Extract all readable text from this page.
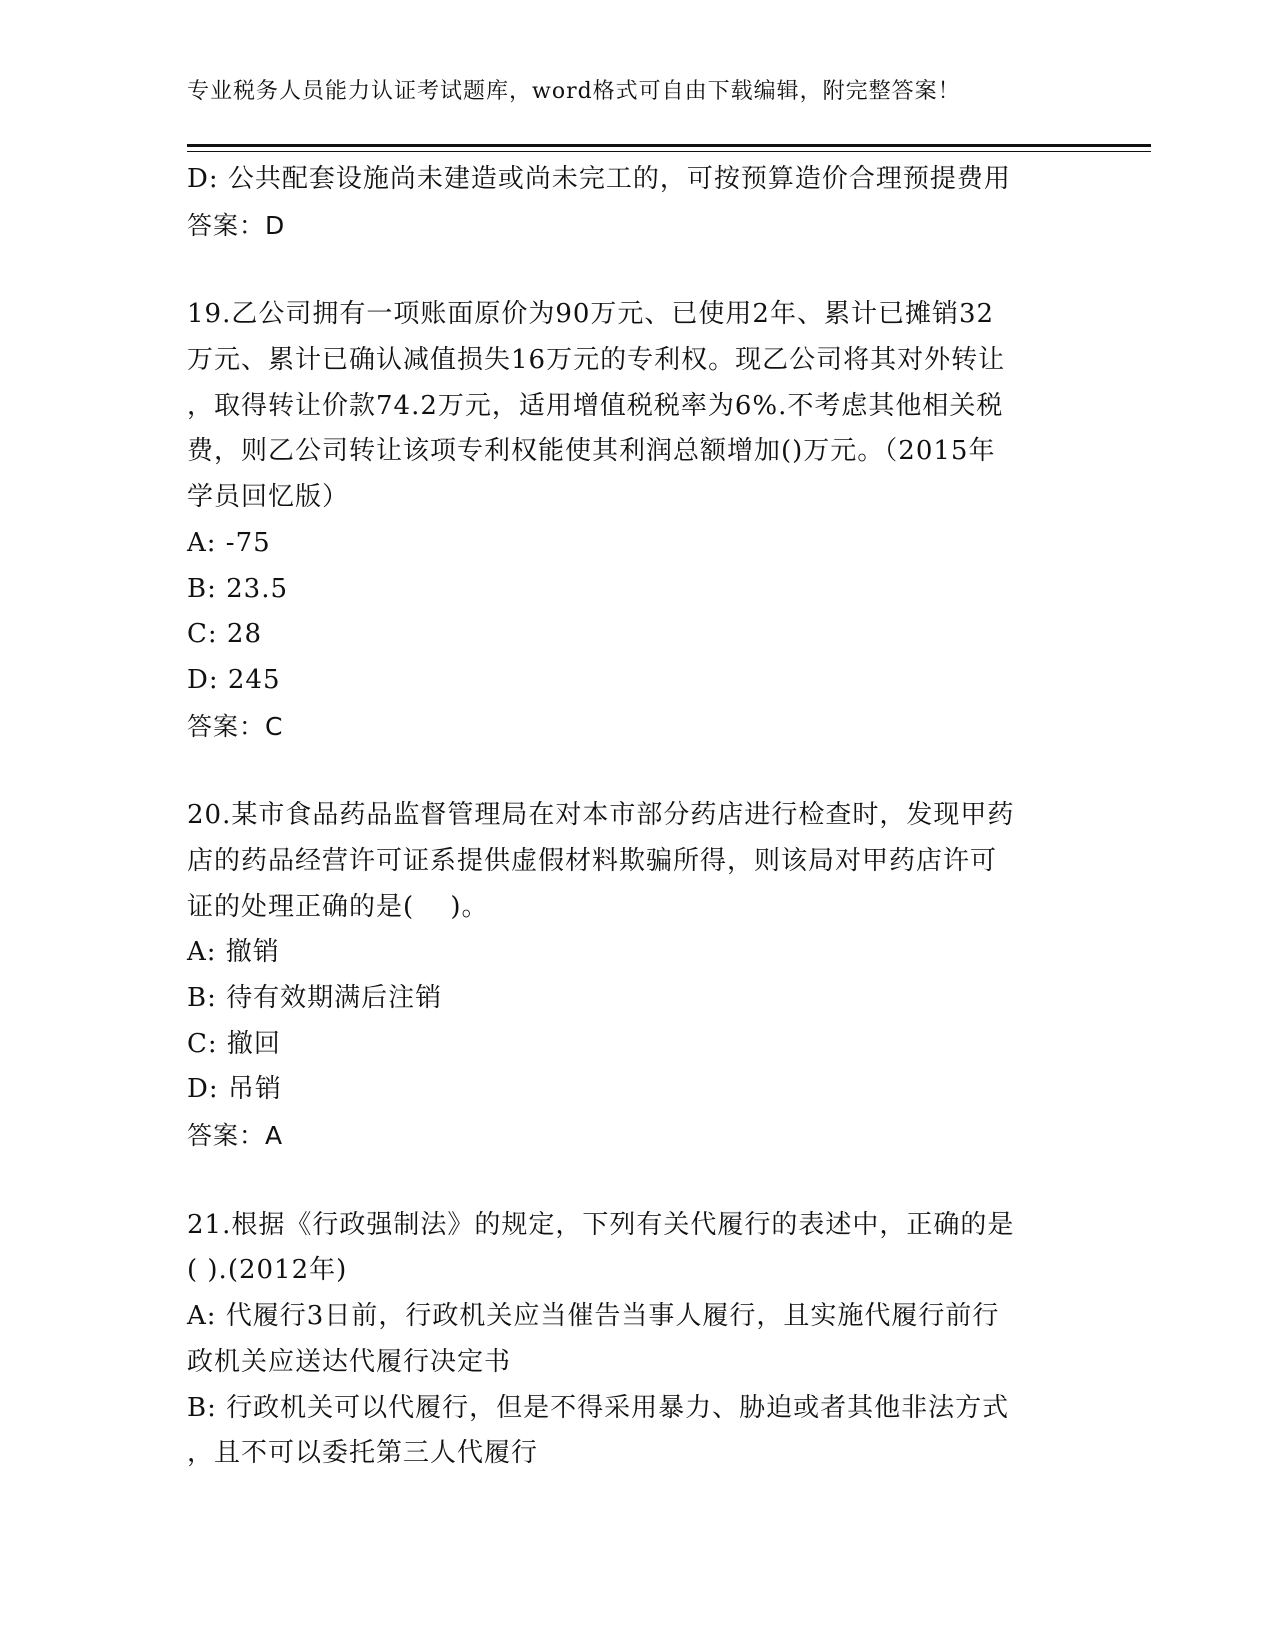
专业税务人员能力认证考试题库，word格式可自由下载编辑，附完整答案！
D: 公共配套设施尚未建造或尚未完工的，可按预算造价合理预提费用
答案：D
19.乙公司拥有一项账面原价为90万元、已使用2年、累计已摊销32
万元、累计已确认减值损失16万元的专利权。现乙公司将其对外转让
，取得转让价款74.2万元，适用增值税税率为6%.不考虑其他相关税
费，则乙公司转让该项专利权能使其利润总额增加()万元。（2015年
学员回忆版）
A: -75
B: 23.5
C: 28
D: 245
答案：C
20.某市食品药品监督管理局在对本市部分药店进行检查时，发现甲药
店的药品经营许可证系提供虚假材料欺骗所得，则该局对甲药店许可
证的处理正确的是(　 )。
A: 撤销
B: 待有效期满后注销
C: 撤回
D: 吊销
答案：A
21.根据《行政强制法》的规定，下列有关代履行的表述中，正确的是
( ).(2012年)
A: 代履行3日前，行政机关应当催告当事人履行，且实施代履行前行
政机关应送达代履行决定书
B: 行政机关可以代履行，但是不得采用暴力、胁迫或者其他非法方式
，且不可以委托第三人代履行
